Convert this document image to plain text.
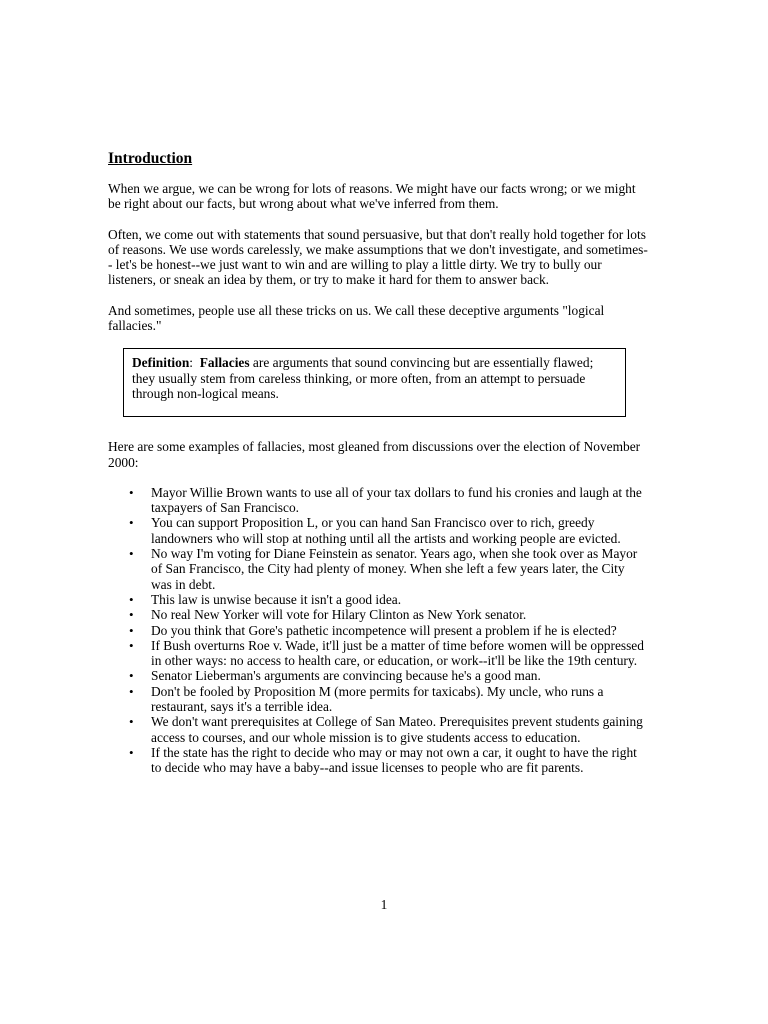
Introduction

When we argue, we can be wrong for lots of reasons. We might have our facts wrong; or we might be right about our facts, but wrong about what we've inferred from them.

Often, we come out with statements that sound persuasive, but that don't really hold together for lots of reasons. We use words carelessly, we make assumptions that we don't investigate, and sometimes-- let's be honest--we just want to win and are willing to play a little dirty. We try to bully our listeners, or sneak an idea by them, or try to make it hard for them to answer back.

And sometimes, people use all these tricks on us. We call these deceptive arguments "logical fallacies."

Definition: Fallacies are arguments that sound convincing but are essentially flawed; they usually stem from careless thinking, or more often, from an attempt to persuade through non-logical means.

Here are some examples of fallacies, most gleaned from discussions over the election of November 2000:

• Mayor Willie Brown wants to use all of your tax dollars to fund his cronies and laugh at the taxpayers of San Francisco.
• You can support Proposition L, or you can hand San Francisco over to rich, greedy landowners who will stop at nothing until all the artists and working people are evicted.
• No way I'm voting for Diane Feinstein as senator. Years ago, when she took over as Mayor of San Francisco, the City had plenty of money. When she left a few years later, the City was in debt.
• This law is unwise because it isn't a good idea.
• No real New Yorker will vote for Hilary Clinton as New York senator.
• Do you think that Gore's pathetic incompetence will present a problem if he is elected?
• If Bush overturns Roe v. Wade, it'll just be a matter of time before women will be oppressed in other ways: no access to health care, or education, or work--it'll be like the 19th century.
• Senator Lieberman's arguments are convincing because he's a good man.
• Don't be fooled by Proposition M (more permits for taxicabs). My uncle, who runs a restaurant, says it's a terrible idea.
• We don't want prerequisites at College of San Mateo. Prerequisites prevent students gaining access to courses, and our whole mission is to give students access to education.
• If the state has the right to decide who may or may not own a car, it ought to have the right to decide who may have a baby--and issue licenses to people who are fit parents.
1
